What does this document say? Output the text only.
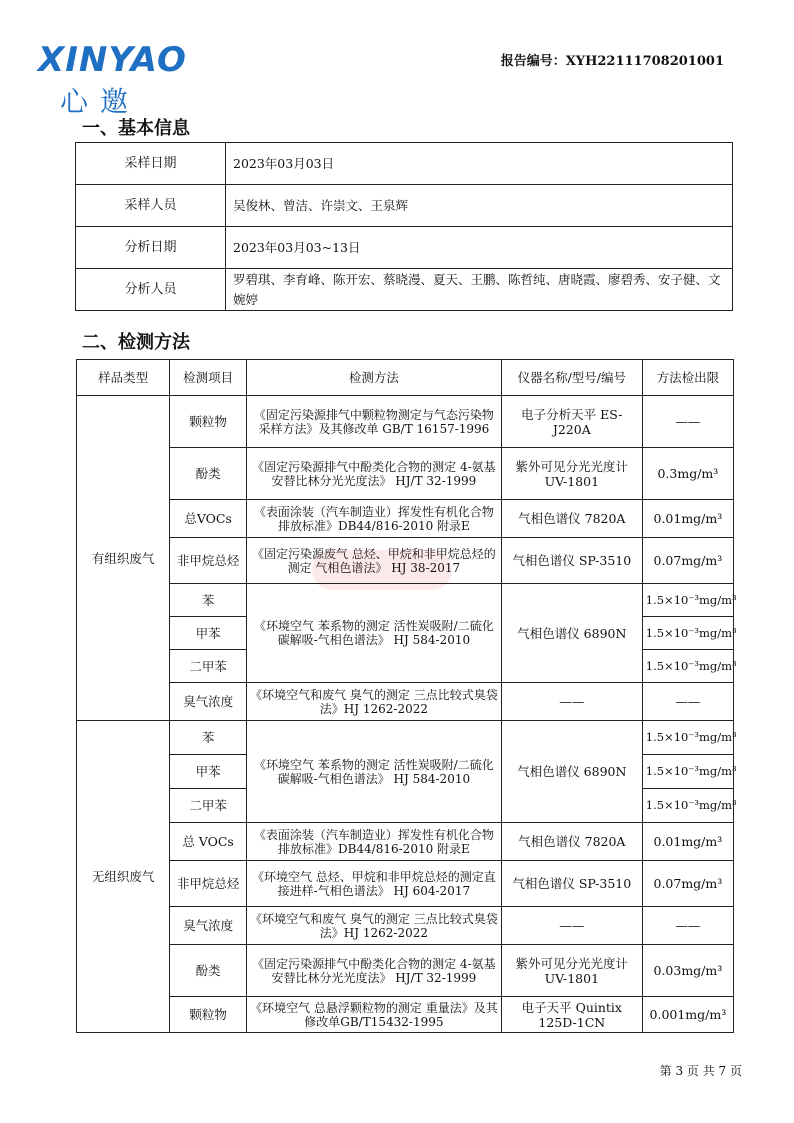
XINYAO
心邀
报告编号：XYH22111708201001
一、基本信息
采样日期	2023年03月03日
采样人员	吴俊林、曾洁、许崇文、王泉辉
分析日期	2023年03月03~13日
分析人员	罗碧琪、李育峰、陈开宏、蔡晓漫、夏天、王鹏、陈哲纯、唐晓霞、廖碧秀、安子健、文婉婷
二、检测方法
样品类型	检测项目	检测方法	仪器名称/型号/编号	方法检出限
有组织废气	颗粒物	《固定污染源排气中颗粒物测定与气态污染物采样方法》及其修改单 GB/T 16157-1996	电子分析天平 ES-J220A	——
	酚类	《固定污染源排气中酚类化合物的测定 4-氨基安替比林分光光度法》 HJ/T 32-1999	紫外可见分光光度计UV-1801	0.3mg/m³
	总VOCs	《表面涂装（汽车制造业）挥发性有机化合物排放标准》DB44/816-2010 附录E	气相色谱仪 7820A	0.01mg/m³
	非甲烷总烃	《固定污染源废气 总烃、甲烷和非甲烷总烃的测定 气相色谱法》 HJ 38-2017	气相色谱仪 SP-3510	0.07mg/m³
	苯	《环境空气 苯系物的测定 活性炭吸附/二硫化碳解吸-气相色谱法》 HJ 584-2010	气相色谱仪 6890N	1.5×10⁻³mg/m³
	甲苯			1.5×10⁻³mg/m³
	二甲苯			1.5×10⁻³mg/m³
	臭气浓度	《环境空气和废气 臭气的测定 三点比较式臭袋法》HJ 1262-2022	——	——
无组织废气	苯	《环境空气 苯系物的测定 活性炭吸附/二硫化碳解吸-气相色谱法》 HJ 584-2010	气相色谱仪 6890N	1.5×10⁻³mg/m³
	甲苯			1.5×10⁻³mg/m³
	二甲苯			1.5×10⁻³mg/m³
	总 VOCs	《表面涂装（汽车制造业）挥发性有机化合物排放标准》DB44/816-2010 附录E	气相色谱仪 7820A	0.01mg/m³
	非甲烷总烃	《环境空气 总烃、甲烷和非甲烷总烃的测定直接进样-气相色谱法》 HJ 604-2017	气相色谱仪 SP-3510	0.07mg/m³
	臭气浓度	《环境空气和废气 臭气的测定 三点比较式臭袋法》HJ 1262-2022	——	——
	酚类	《固定污染源排气中酚类化合物的测定 4-氨基安替比林分光光度法》 HJ/T 32-1999	紫外可见分光光度计UV-1801	0.03mg/m³
	颗粒物	《环境空气 总悬浮颗粒物的测定 重量法》及其修改单GB/T15432-1995	电子天平 Quintix 125D-1CN	0.001mg/m³
第 3 页 共 7 页
